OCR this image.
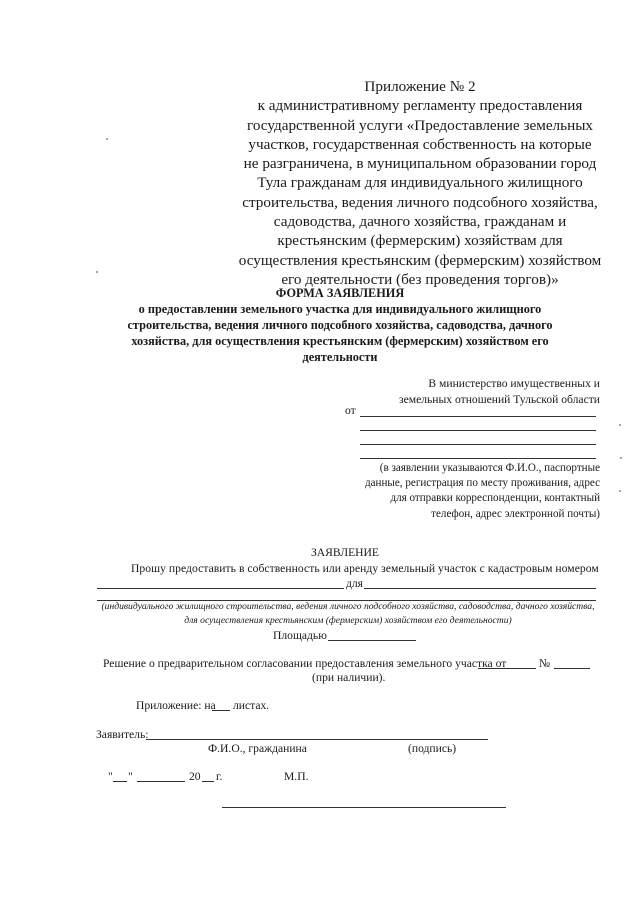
Приложение № 2
к административному регламенту предоставления
государственной услуги «Предоставление земельных
участков, государственная собственность на которые
не разграничена, в муниципальном образовании город
Тула гражданам для индивидуального жилищного
строительства, ведения личного подсобного хозяйства,
садоводства, дачного хозяйства, гражданам и
крестьянским (фермерским) хозяйствам для
осуществления крестьянским (фермерским) хозяйством
его деятельности (без проведения торгов)»
ФОРМА ЗАЯВЛЕНИЯ
о предоставлении земельного участка для индивидуального жилищного
строительства, ведения личного подсобного хозяйства, садоводства, дачного
хозяйства, для осуществления крестьянским (фермерским) хозяйством его
деятельности
В министерство имущественных и
земельных отношений Тульской области
от
(в заявлении указываются Ф.И.О., паспортные
данные, регистрация по месту проживания, адрес
для отправки корреспонденции, контактный
телефон, адрес электронной почты)
ЗАЯВЛЕНИЕ
Прошу предоставить в собственность или аренду земельный участок с кадастровым номером
для
(индивидуального жилищного строительства, ведения личного подсобного хозяйства, садоводства, дачного хозяйства,
для осуществления крестьянским (фермерским) хозяйством его деятельности)
Площадью
Решение о предварительном согласовании предоставления земельного участка от	№
(при наличии).
Приложение: на листах.
Заявитель:
Ф.И.О., гражданина	(подпись)
" "	20 г.	М.П.
